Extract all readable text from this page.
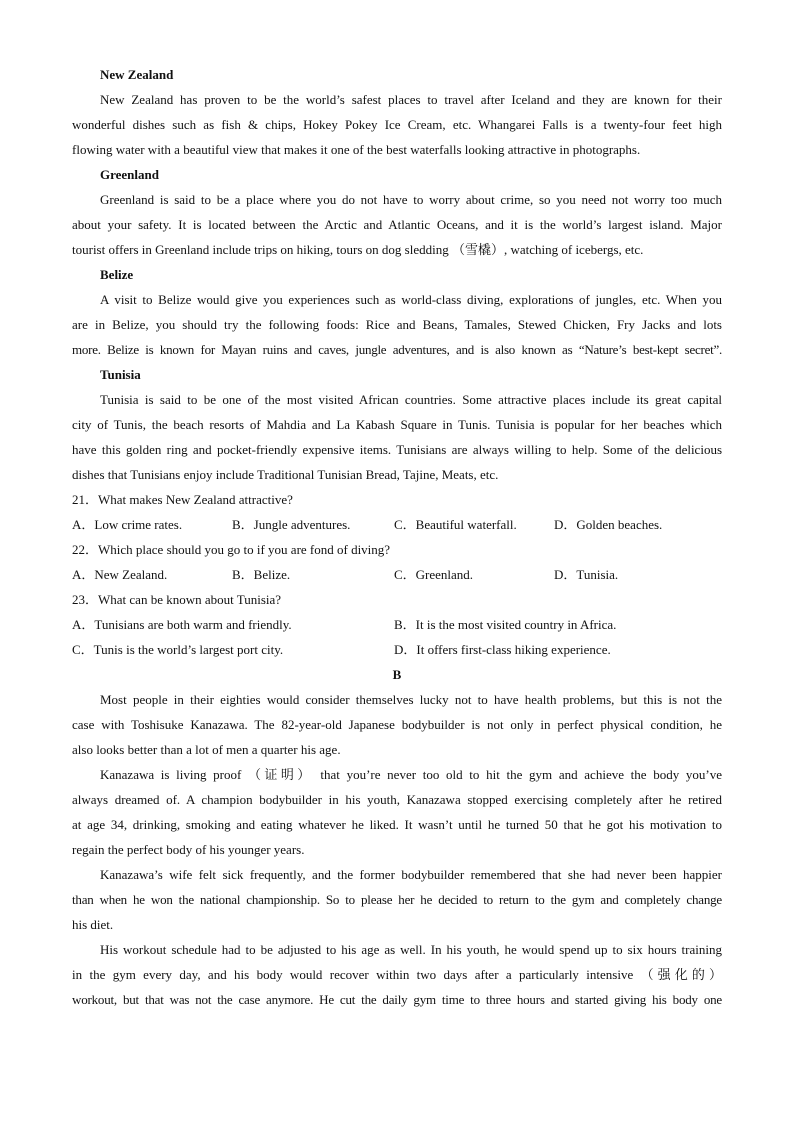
New Zealand
New Zealand has proven to be the world’s safest places to travel after Iceland and they are known for their
wonderful dishes such as fish & chips, Hokey Pokey Ice Cream, etc. Whangarei Falls is a twenty-four feet high
flowing water with a beautiful view that makes it one of the best waterfalls looking attractive in photographs.
Greenland
Greenland is said to be a place where you do not have to worry about crime, so you need not worry too much
about your safety. It is located between the Arctic and Atlantic Oceans, and it is the world’s largest island. Major
tourist offers in Greenland include trips on hiking, tours on dog sledding （雪橇）, watching of icebergs, etc.
Belize
A visit to Belize would give you experiences such as world-class diving, explorations of jungles, etc. When you
are in Belize, you should try the following foods: Rice and Beans, Tamales, Stewed Chicken, Fry Jacks and lots
more. Belize is known for Mayan ruins and caves, jungle adventures, and is also known as “Nature’s best-kept secret”.
Tunisia
Tunisia is said to be one of the most visited African countries. Some attractive places include its great capital
city of Tunis, the beach resorts of Mahdia and La Kabash Square in Tunis. Tunisia is popular for her beaches which
have this golden ring and pocket-friendly expensive items. Tunisians are always willing to help. Some of the delicious
dishes that Tunisians enjoy include Traditional Tunisian Bread, Tajine, Meats, etc.
21．What makes New Zealand attractive?
A．Low crime rates.	B．Jungle adventures.	C．Beautiful waterfall.	D．Golden beaches.
22．Which place should you go to if you are fond of diving?
A．New Zealand.	B．Belize.	C．Greenland.	D．Tunisia.
23．What can be known about Tunisia?
A．Tunisians are both warm and friendly.	B．It is the most visited country in Africa.
C．Tunis is the world’s largest port city.	D．It offers first-class hiking experience.
B
Most people in their eighties would consider themselves lucky not to have health problems, but this is not the
case with Toshisuke Kanazawa. The 82-year-old Japanese bodybuilder is not only in perfect physical condition, he
also looks better than a lot of men a quarter his age.
Kanazawa is living proof （证明） that you’re never too old to hit the gym and achieve the body you’ve
always dreamed of. A champion bodybuilder in his youth, Kanazawa stopped exercising completely after he retired
at age 34, drinking, smoking and eating whatever he liked. It wasn’t until he turned 50 that he got his motivation to
regain the perfect body of his younger years.
Kanazawa’s wife felt sick frequently, and the former bodybuilder remembered that she had never been happier
than when he won the national championship. So to please her he decided to return to the gym and completely change
his diet.
His workout schedule had to be adjusted to his age as well. In his youth, he would spend up to six hours training
in the gym every day, and his body would recover within two days after a particularly intensive （强化的）
workout, but that was not the case anymore. He cut the daily gym time to three hours and started giving his body one
